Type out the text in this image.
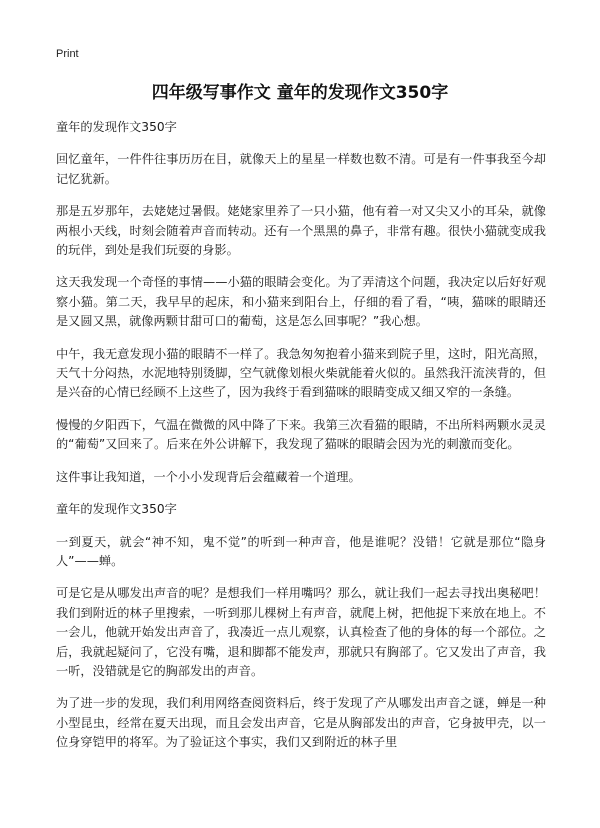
Print
四年级写事作文 童年的发现作文350字

童年的发现作文350字

回忆童年，一件件往事历历在目，就像天上的星星一样数也数不清。可是有一件事我至今却记忆犹新。

那是五岁那年，去姥姥过暑假。姥姥家里养了一只小猫，他有着一对又尖又小的耳朵，就像两根小天线，时刻会随着声音而转动。还有一个黑黑的鼻子，非常有趣。很快小猫就变成我的玩伴，到处是我们玩耍的身影。

这天我发现一个奇怪的事情——小猫的眼睛会变化。为了弄清这个问题，我决定以后好好观察小猫。第二天，我早早的起床，和小猫来到阳台上，仔细的看了看，“咦，猫咪的眼睛还是又圆又黑，就像两颗甘甜可口的葡萄，这是怎么回事呢？”我心想。

中午，我无意发现小猫的眼睛不一样了。我急匆匆抱着小猫来到院子里，这时，阳光高照，天气十分闷热，水泥地特别烫脚，空气就像划根火柴就能着火似的。虽然我汗流浃背的，但是兴奋的心情已经顾不上这些了，因为我终于看到猫咪的眼睛变成又细又窄的一条缝。

慢慢的夕阳西下，气温在微微的风中降了下来。我第三次看猫的眼睛，不出所料两颗水灵灵的“葡萄”又回来了。后来在外公讲解下，我发现了猫咪的眼睛会因为光的刺激而变化。

这件事让我知道，一个小小发现背后会蕴藏着一个道理。

童年的发现作文350字

一到夏天，就会“神不知，鬼不觉”的听到一种声音，他是谁呢？没错！它就是那位“隐身人”——蝉。

可是它是从哪发出声音的呢？是想我们一样用嘴吗？那么，就让我们一起去寻找出奥秘吧！我们到附近的林子里搜索，一听到那儿棵树上有声音，就爬上树，把他捉下来放在地上。不一会儿，他就开始发出声音了，我凑近一点儿观察，认真检查了他的身体的每一个部位。之后，我就起疑问了，它没有嘴，退和脚都不能发声，那就只有胸部了。它又发出了声音，我一听，没错就是它的胸部发出的声音。

为了进一步的发现，我们利用网络查阅资料后，终于发现了产从哪发出声音之谜，蝉是一种小型昆虫，经常在夏天出现，而且会发出声音，它是从胸部发出的声音，它身披甲壳，以一位身穿铠甲的将军。为了验证这个事实，我们又到附近的林子里
